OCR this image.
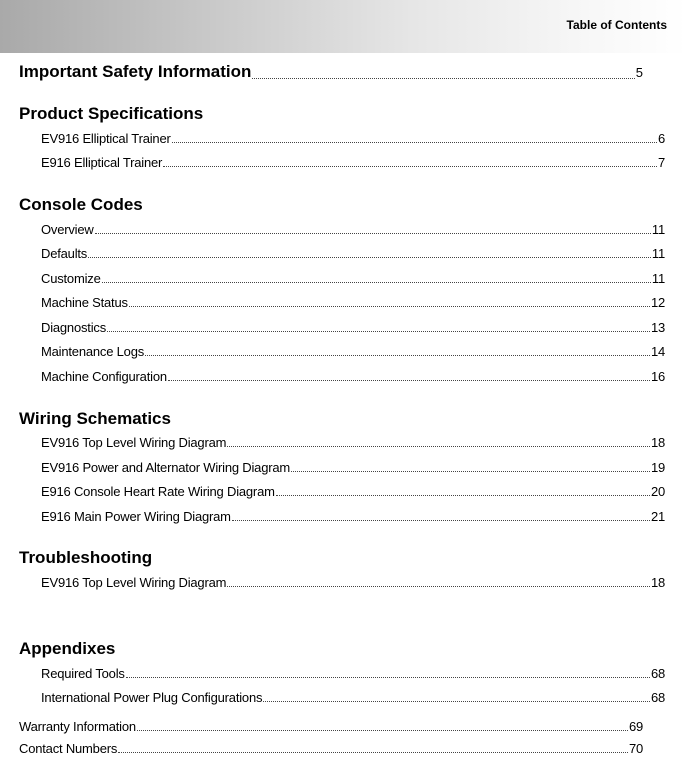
Table of Contents
Important Safety Information	5
Product Specifications
EV916 Elliptical Trainer	6
E916 Elliptical Trainer	7
Console Codes
Overview	11
Defaults	11
Customize	11
Machine Status	12
Diagnostics	13
Maintenance Logs	14
Machine Configuration	16
Wiring Schematics
EV916 Top Level Wiring Diagram	18
EV916 Power and Alternator Wiring Diagram	19
E916 Console Heart Rate Wiring Diagram	20
E916 Main Power Wiring Diagram	21
Troubleshooting
EV916 Top Level Wiring Diagram	18
Appendixes
Required Tools	68
International Power Plug Configurations	68
Warranty Information	69
Contact Numbers	70
